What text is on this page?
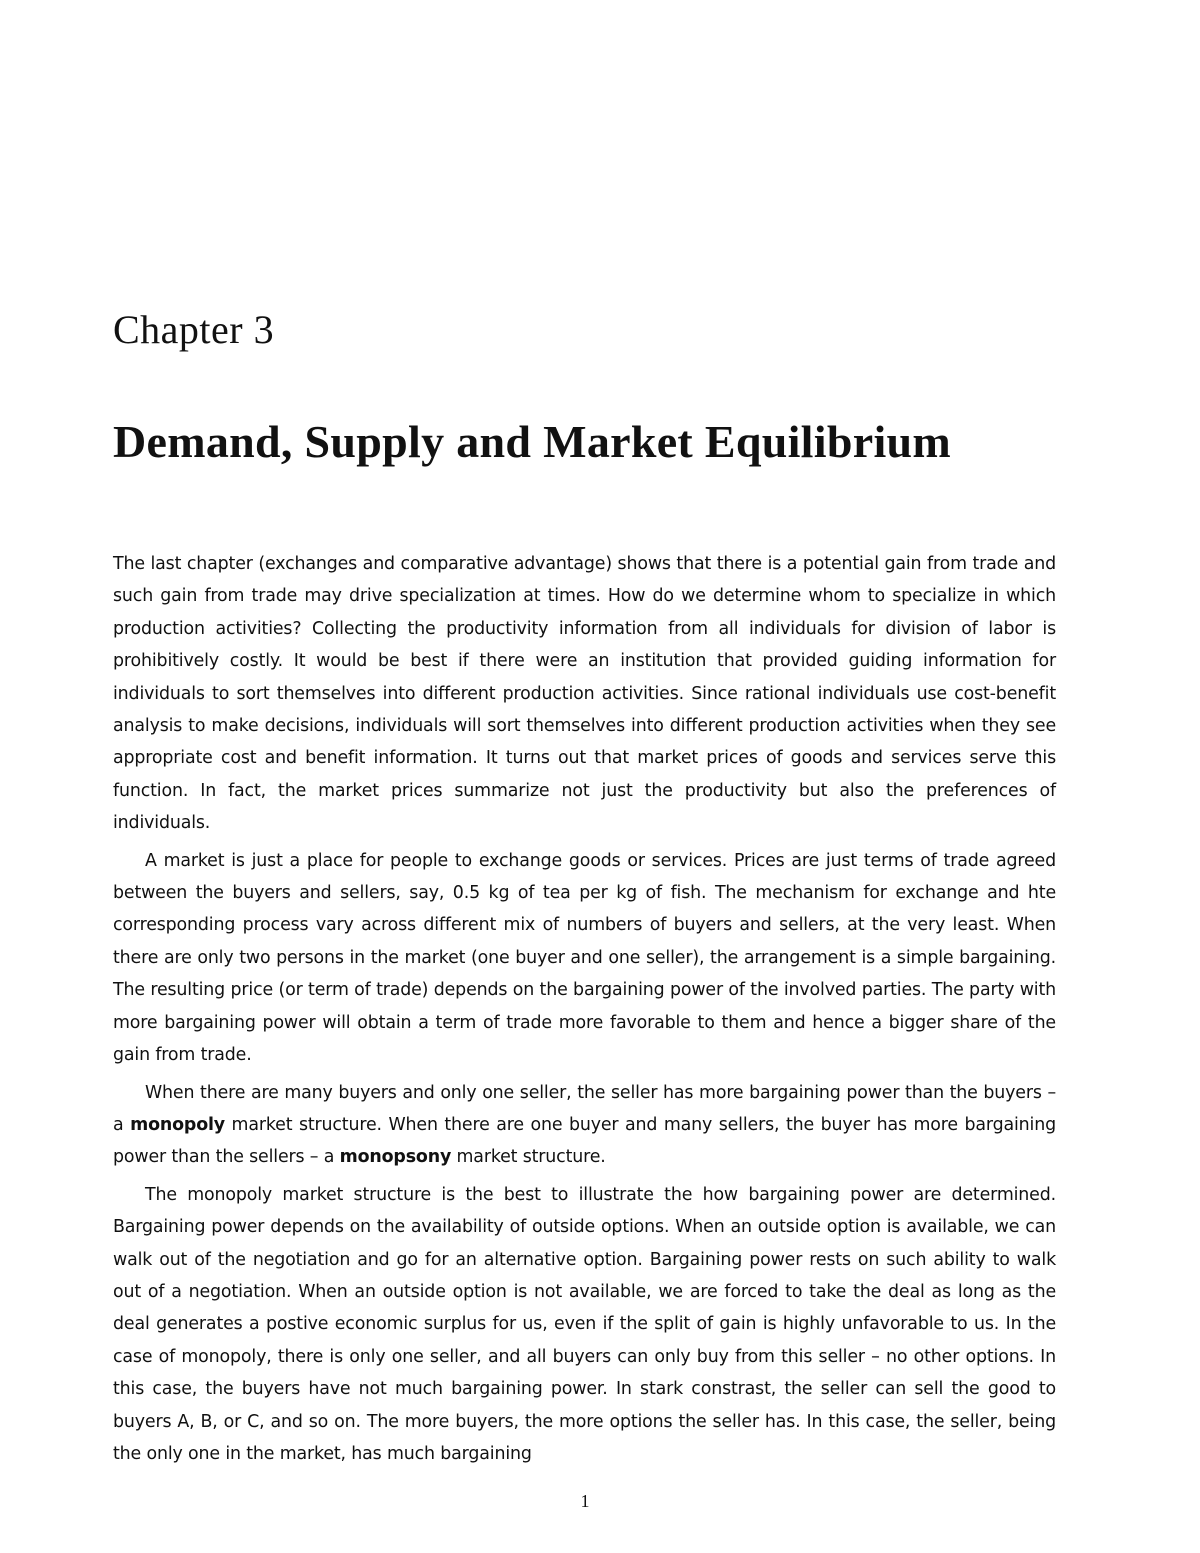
Chapter 3
Demand, Supply and Market Equilibrium

The last chapter (exchanges and comparative advantage) shows that there is a potential gain from trade and such gain from trade may drive specialization at times. How do we determine whom to specialize in which production activities? Collecting the productivity information from all individuals for division of labor is prohibitively costly. It would be best if there were an institution that provided guiding information for individuals to sort themselves into different production activities. Since rational individuals use cost-benefit analysis to make decisions, individuals will sort themselves into different production activities when they see appropriate cost and benefit information. It turns out that market prices of goods and services serve this function. In fact, the market prices summarize not just the productivity but also the preferences of individuals.

A market is just a place for people to exchange goods or services. Prices are just terms of trade agreed between the buyers and sellers, say, 0.5 kg of tea per kg of fish. The mechanism for exchange and hte corresponding process vary across different mix of numbers of buyers and sellers, at the very least. When there are only two persons in the market (one buyer and one seller), the arrangement is a simple bargaining. The resulting price (or term of trade) depends on the bargaining power of the involved parties. The party with more bargaining power will obtain a term of trade more favorable to them and hence a bigger share of the gain from trade.

When there are many buyers and only one seller, the seller has more bargaining power than the buyers – a monopoly market structure. When there are one buyer and many sellers, the buyer has more bargaining power than the sellers – a monopsony market structure.

The monopoly market structure is the best to illustrate the how bargaining power are determined. Bargaining power depends on the availability of outside options. When an outside option is available, we can walk out of the negotiation and go for an alternative option. Bargaining power rests on such ability to walk out of a negotiation. When an outside option is not available, we are forced to take the deal as long as the deal generates a postive economic surplus for us, even if the split of gain is highly unfavorable to us. In the case of monopoly, there is only one seller, and all buyers can only buy from this seller – no other options. In this case, the buyers have not much bargaining power. In stark constrast, the seller can sell the good to buyers A, B, or C, and so on. The more buyers, the more options the seller has. In this case, the seller, being the only one in the market, has much bargaining

1
